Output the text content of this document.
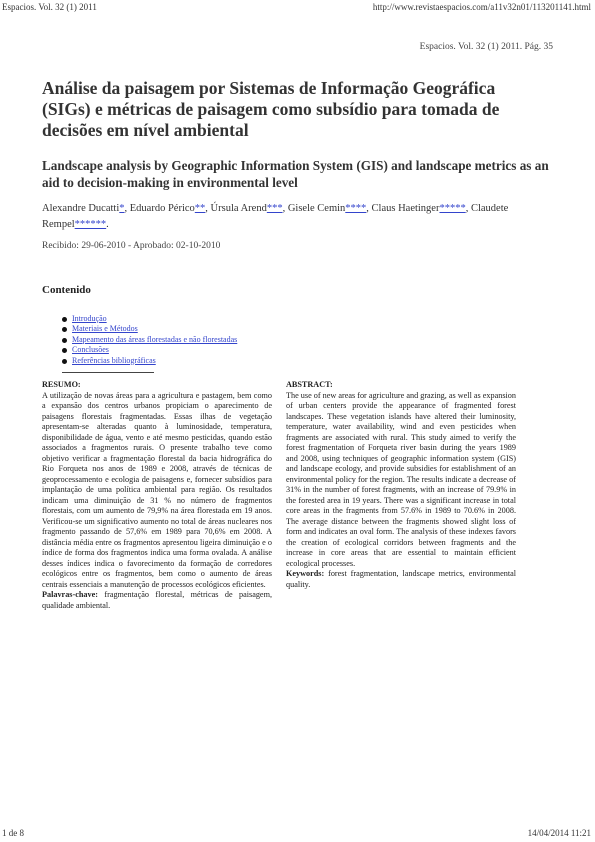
Espacios. Vol. 32 (1) 2011	http://www.revistaespacios.com/a11v32n01/113201141.html
Espacios. Vol. 32 (1) 2011. Pág. 35
Análise da paisagem por Sistemas de Informação Geográfica (SIGs) e métricas de paisagem como subsídio para tomada de decisões em nível ambiental
Landscape analysis by Geographic Information System (GIS) and landscape metrics as an aid to decision-making in environmental level
Alexandre Ducatti*, Eduardo Périco**, Úrsula Arend***, Gisele Cemin****, Claus Haetinger*****, Claudete Rempel******.
Recibido: 29-06-2010 - Aprobado: 02-10-2010
Contenido
Introdução
Materiais e Métodos
Mapeamento das áreas florestadas e não florestadas
Conclusões
Referências bibliográficas
RESUMO:

A utilização de novas áreas para a agricultura e pastagem, bem como a expansão dos centros urbanos propiciam o aparecimento de paisagens florestais fragmentadas. Essas ilhas de vegetação apresentam-se alteradas quanto à luminosidade, temperatura, disponibilidade de água, vento e até mesmo pesticidas, quando estão associados a fragmentos rurais. O presente trabalho teve como objetivo verificar a fragmentação florestal da bacia hidrográfica do Rio Forqueta nos anos de 1989 e 2008, através de técnicas de geoprocessamento e ecologia de paisagens e, fornecer subsídios para implantação de uma política ambiental para região. Os resultados indicam uma diminuição de 31 % no número de fragmentos florestais, com um aumento de 79,9% na área florestada em 19 anos. Verificou-se um significativo aumento no total de áreas nucleares nos fragmento passando de 57,6% em 1989 para 70,6% em 2008. A distância média entre os fragmentos apresentou ligeira diminuição e o índice de forma dos fragmentos indica uma forma ovalada. A análise desses índices indica o favorecimento da formação de corredores ecológicos entre os fragmentos, bem como o aumento de áreas centrais essenciais a manutenção de processos ecológicos eficientes.

Palavras-chave: fragmentação florestal, métricas de paisagem, qualidade ambiental.

ABSTRACT:

The use of new areas for agriculture and grazing, as well as expansion of urban centers provide the appearance of fragmented forest landscapes. These vegetation islands have altered their luminosity, temperature, water availability, wind and even pesticides when fragments are associated with rural. This study aimed to verify the forest fragmentation of Forqueta river basin during the years 1989 and 2008, using techniques of geographic information system (GIS) and landscape ecology, and provide subsidies for establishment of an environmental policy for the region. The results indicate a decrease of 31% in the number of forest fragments, with an increase of 79.9% in the forested area in 19 years. There was a significant increase in total core areas in the fragments from 57.6% in 1989 to 70.6% in 2008. The average distance between the fragments showed slight loss of form and indicates an oval form. The analysis of these indexes favors the creation of ecological corridors between fragments and the increase in core areas that are essential to maintain efficient ecological processes.

Keywords: forest fragmentation, landscape metrics, environmental quality.

1 de 8	14/04/2014 11:21
